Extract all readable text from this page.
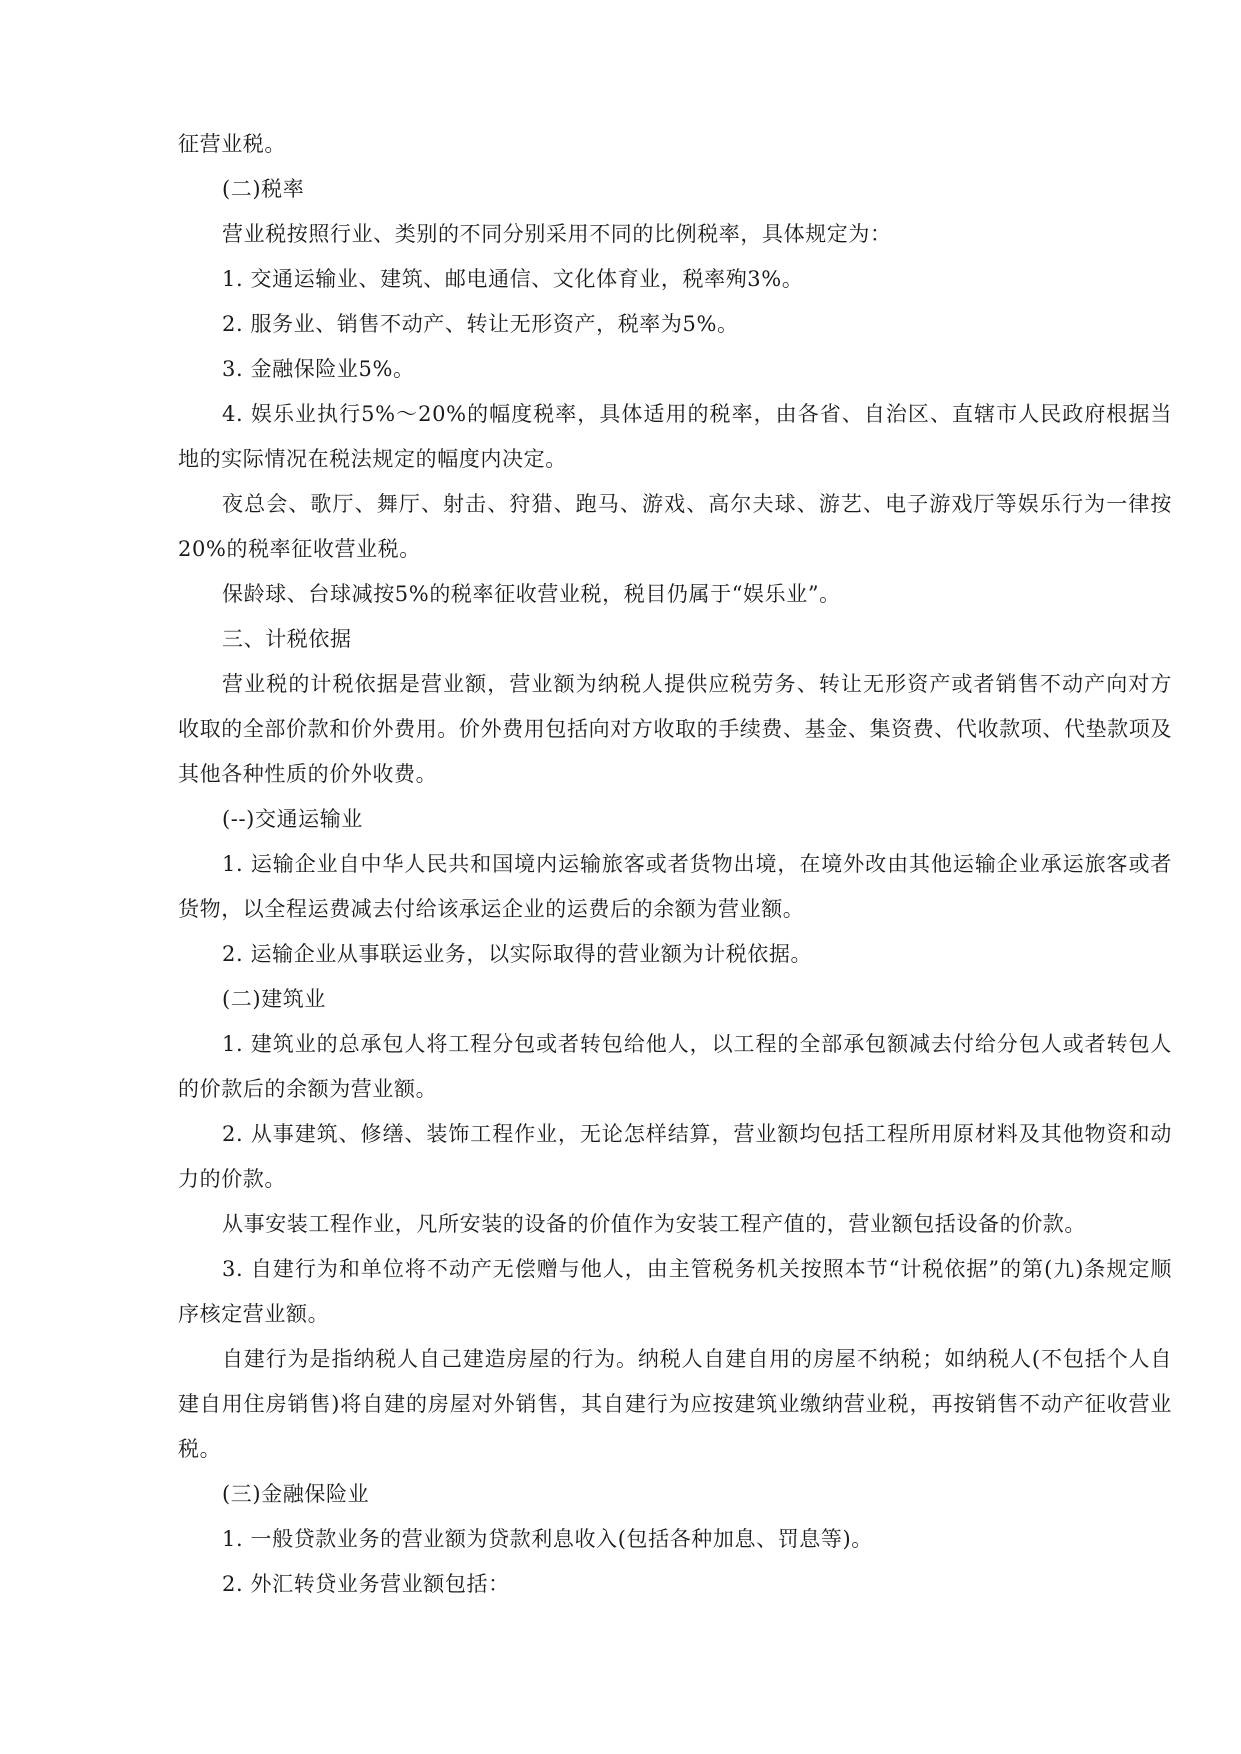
征营业税。

(二)税率

营业税按照行业、类别的不同分别采用不同的比例税率，具体规定为：

1. 交通运输业、建筑、邮电通信、文化体育业，税率殉3%。

2. 服务业、销售不动产、转让无形资产，税率为5%。

3. 金融保险业5%。

4. 娱乐业执行5%～20%的幅度税率，具体适用的税率，由各省、自治区、直辖市人民政府根据当地的实际情况在税法规定的幅度内决定。

夜总会、歌厅、舞厅、射击、狩猎、跑马、游戏、高尔夫球、游艺、电子游戏厅等娱乐行为一律按20%的税率征收营业税。

保龄球、台球减按5%的税率征收营业税，税目仍属于“娱乐业”。

三、计税依据

营业税的计税依据是营业额，营业额为纳税人提供应税劳务、转让无形资产或者销售不动产向对方收取的全部价款和价外费用。价外费用包括向对方收取的手续费、基金、集资费、代收款项、代垫款项及其他各种性质的价外收费。

(--)交通运输业

1. 运输企业自中华人民共和国境内运输旅客或者货物出境，在境外改由其他运输企业承运旅客或者货物，以全程运费减去付给该承运企业的运费后的余额为营业额。

2. 运输企业从事联运业务，以实际取得的营业额为计税依据。

(二)建筑业

1. 建筑业的总承包人将工程分包或者转包给他人，以工程的全部承包额减去付给分包人或者转包人的价款后的余额为营业额。

2. 从事建筑、修缮、装饰工程作业，无论怎样结算，营业额均包括工程所用原材料及其他物资和动力的价款。

从事安装工程作业，凡所安装的设备的价值作为安装工程产值的，营业额包括设备的价款。

3. 自建行为和单位将不动产无偿赠与他人，由主管税务机关按照本节“计税依据”的第(九)条规定顺序核定营业额。

自建行为是指纳税人自己建造房屋的行为。纳税人自建自用的房屋不纳税；如纳税人(不包括个人自建自用住房销售)将自建的房屋对外销售，其自建行为应按建筑业缴纳营业税，再按销售不动产征收营业税。

(三)金融保险业

1. 一般贷款业务的营业额为贷款利息收入(包括各种加息、罚息等)。

2. 外汇转贷业务营业额包括：
